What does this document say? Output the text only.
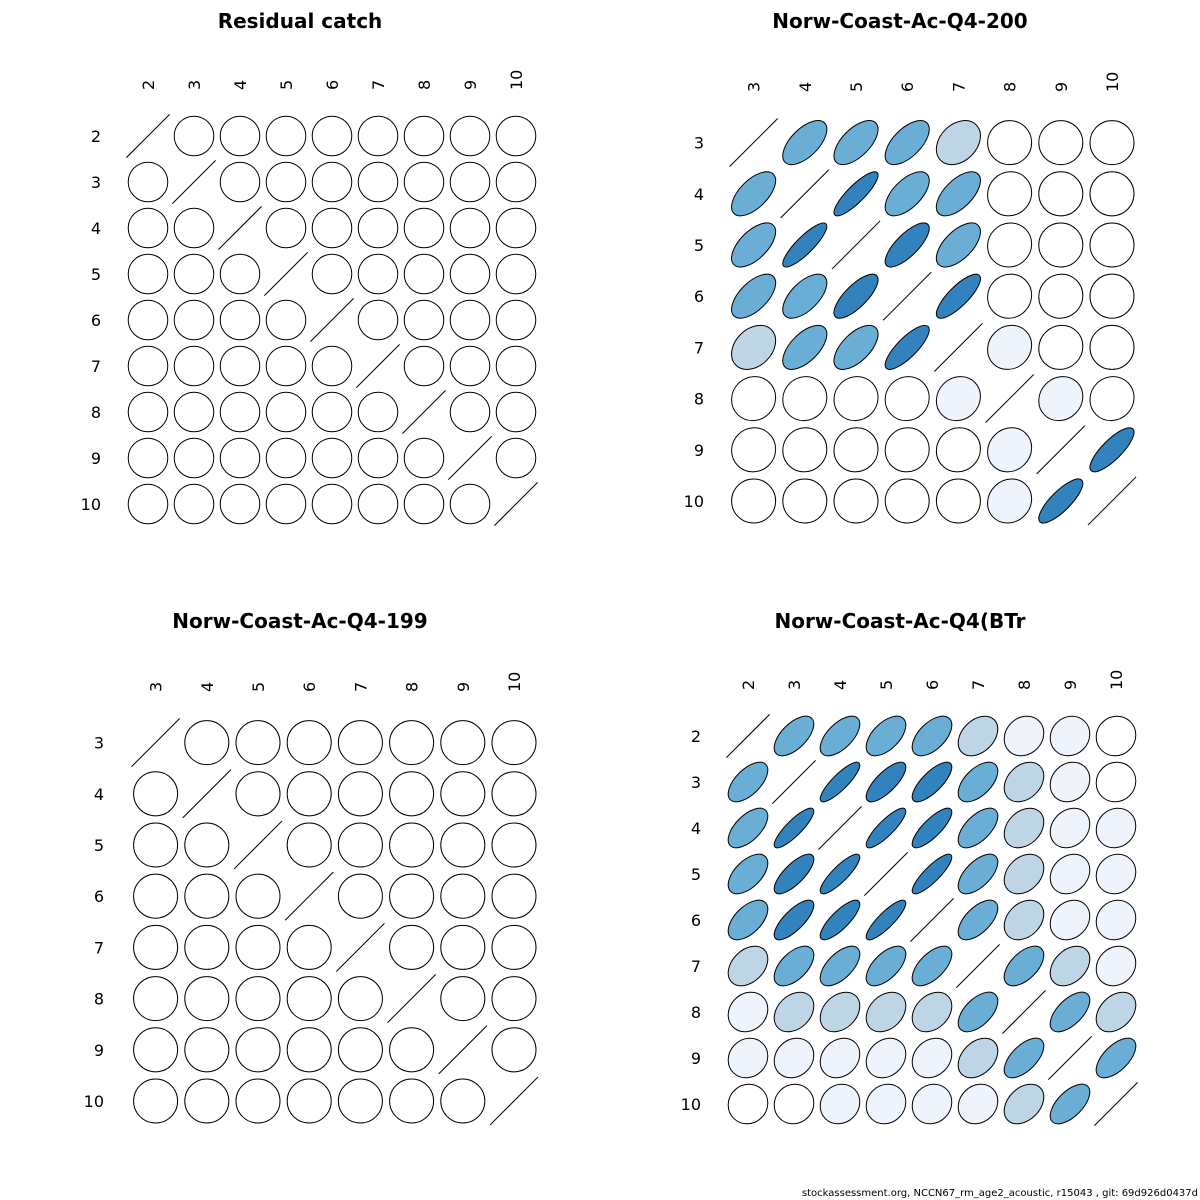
Residual catch
2 3 4 5 6 7 8 9 10
2
3
4
5
6
7
8
9
10
Norw-Coast-Ac-Q4-200
3 4 5 6 7 8 9 10
3
4
5
6
7
8
9
10
Norw-Coast-Ac-Q4-199
3 4 5 6 7 8 9 10
3
4
5
6
7
8
9
10
Norw-Coast-Ac-Q4(BTr
2 3 4 5 6 7 8 9 10
2
3
4
5
6
7
8
9
10
stockassessment.org, NCCN67_rm_age2_acoustic, r15043 , git: 69d926d0437d
